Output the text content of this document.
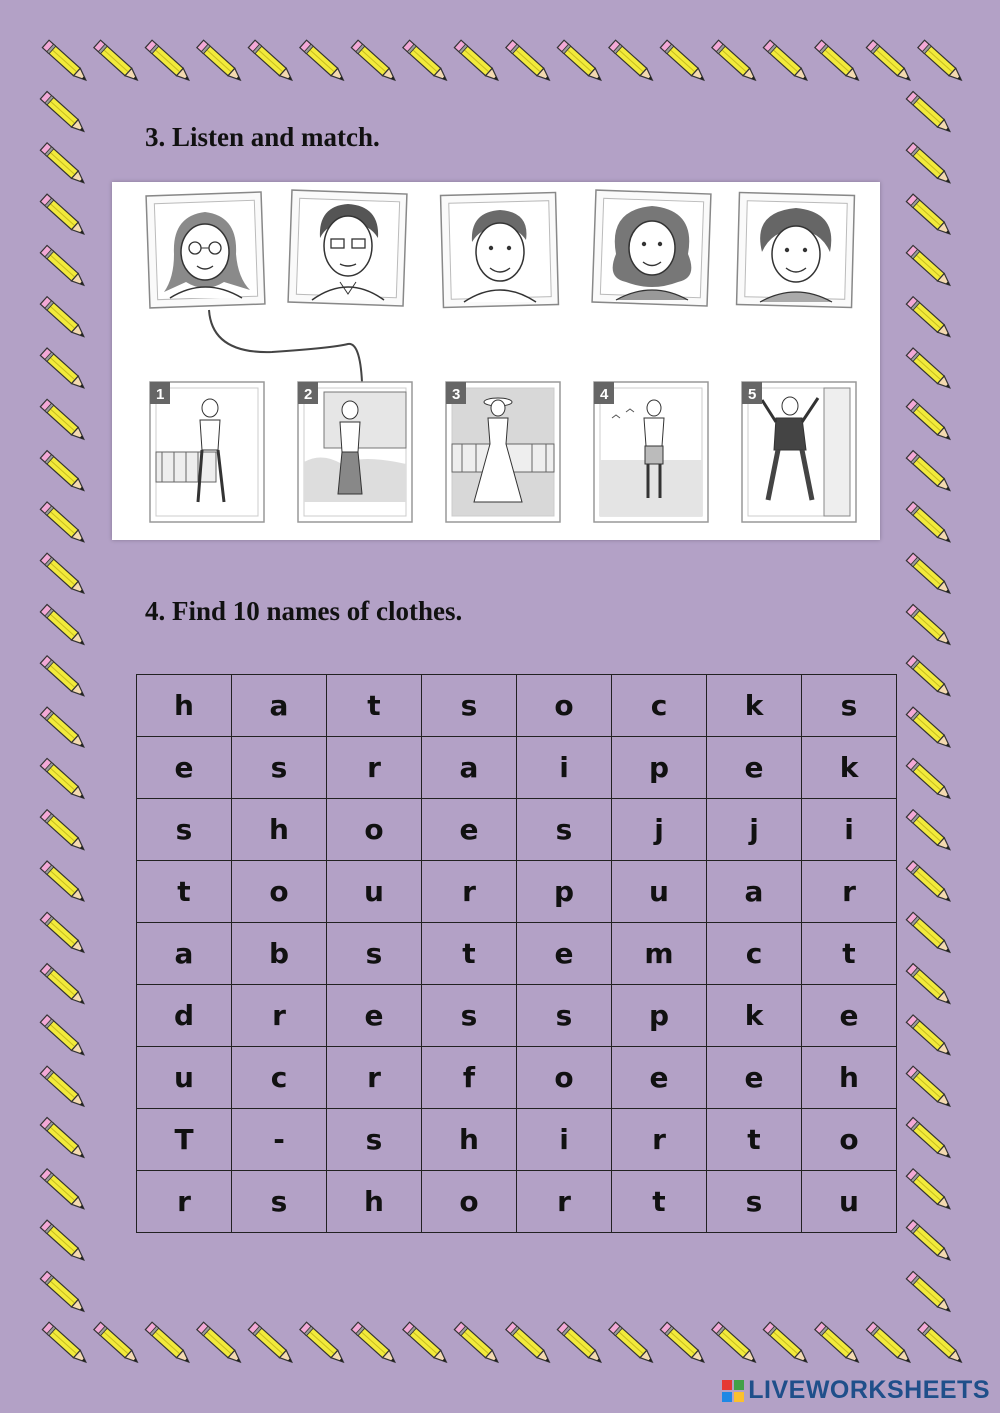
3. Listen and match.
1	2	3	4	5
4. Find 10 names of clothes.
h	a	t	s	o	c	k	s
e	s	r	a	i	p	e	k
s	h	o	e	s	j	j	i
t	o	u	r	p	u	a	r
a	b	s	t	e	m	c	t
d	r	e	s	s	p	k	e
u	c	r	f	o	e	e	h
T	-	s	h	i	r	t	o
r	s	h	o	r	t	s	u
LIVEWORKSHEETS
